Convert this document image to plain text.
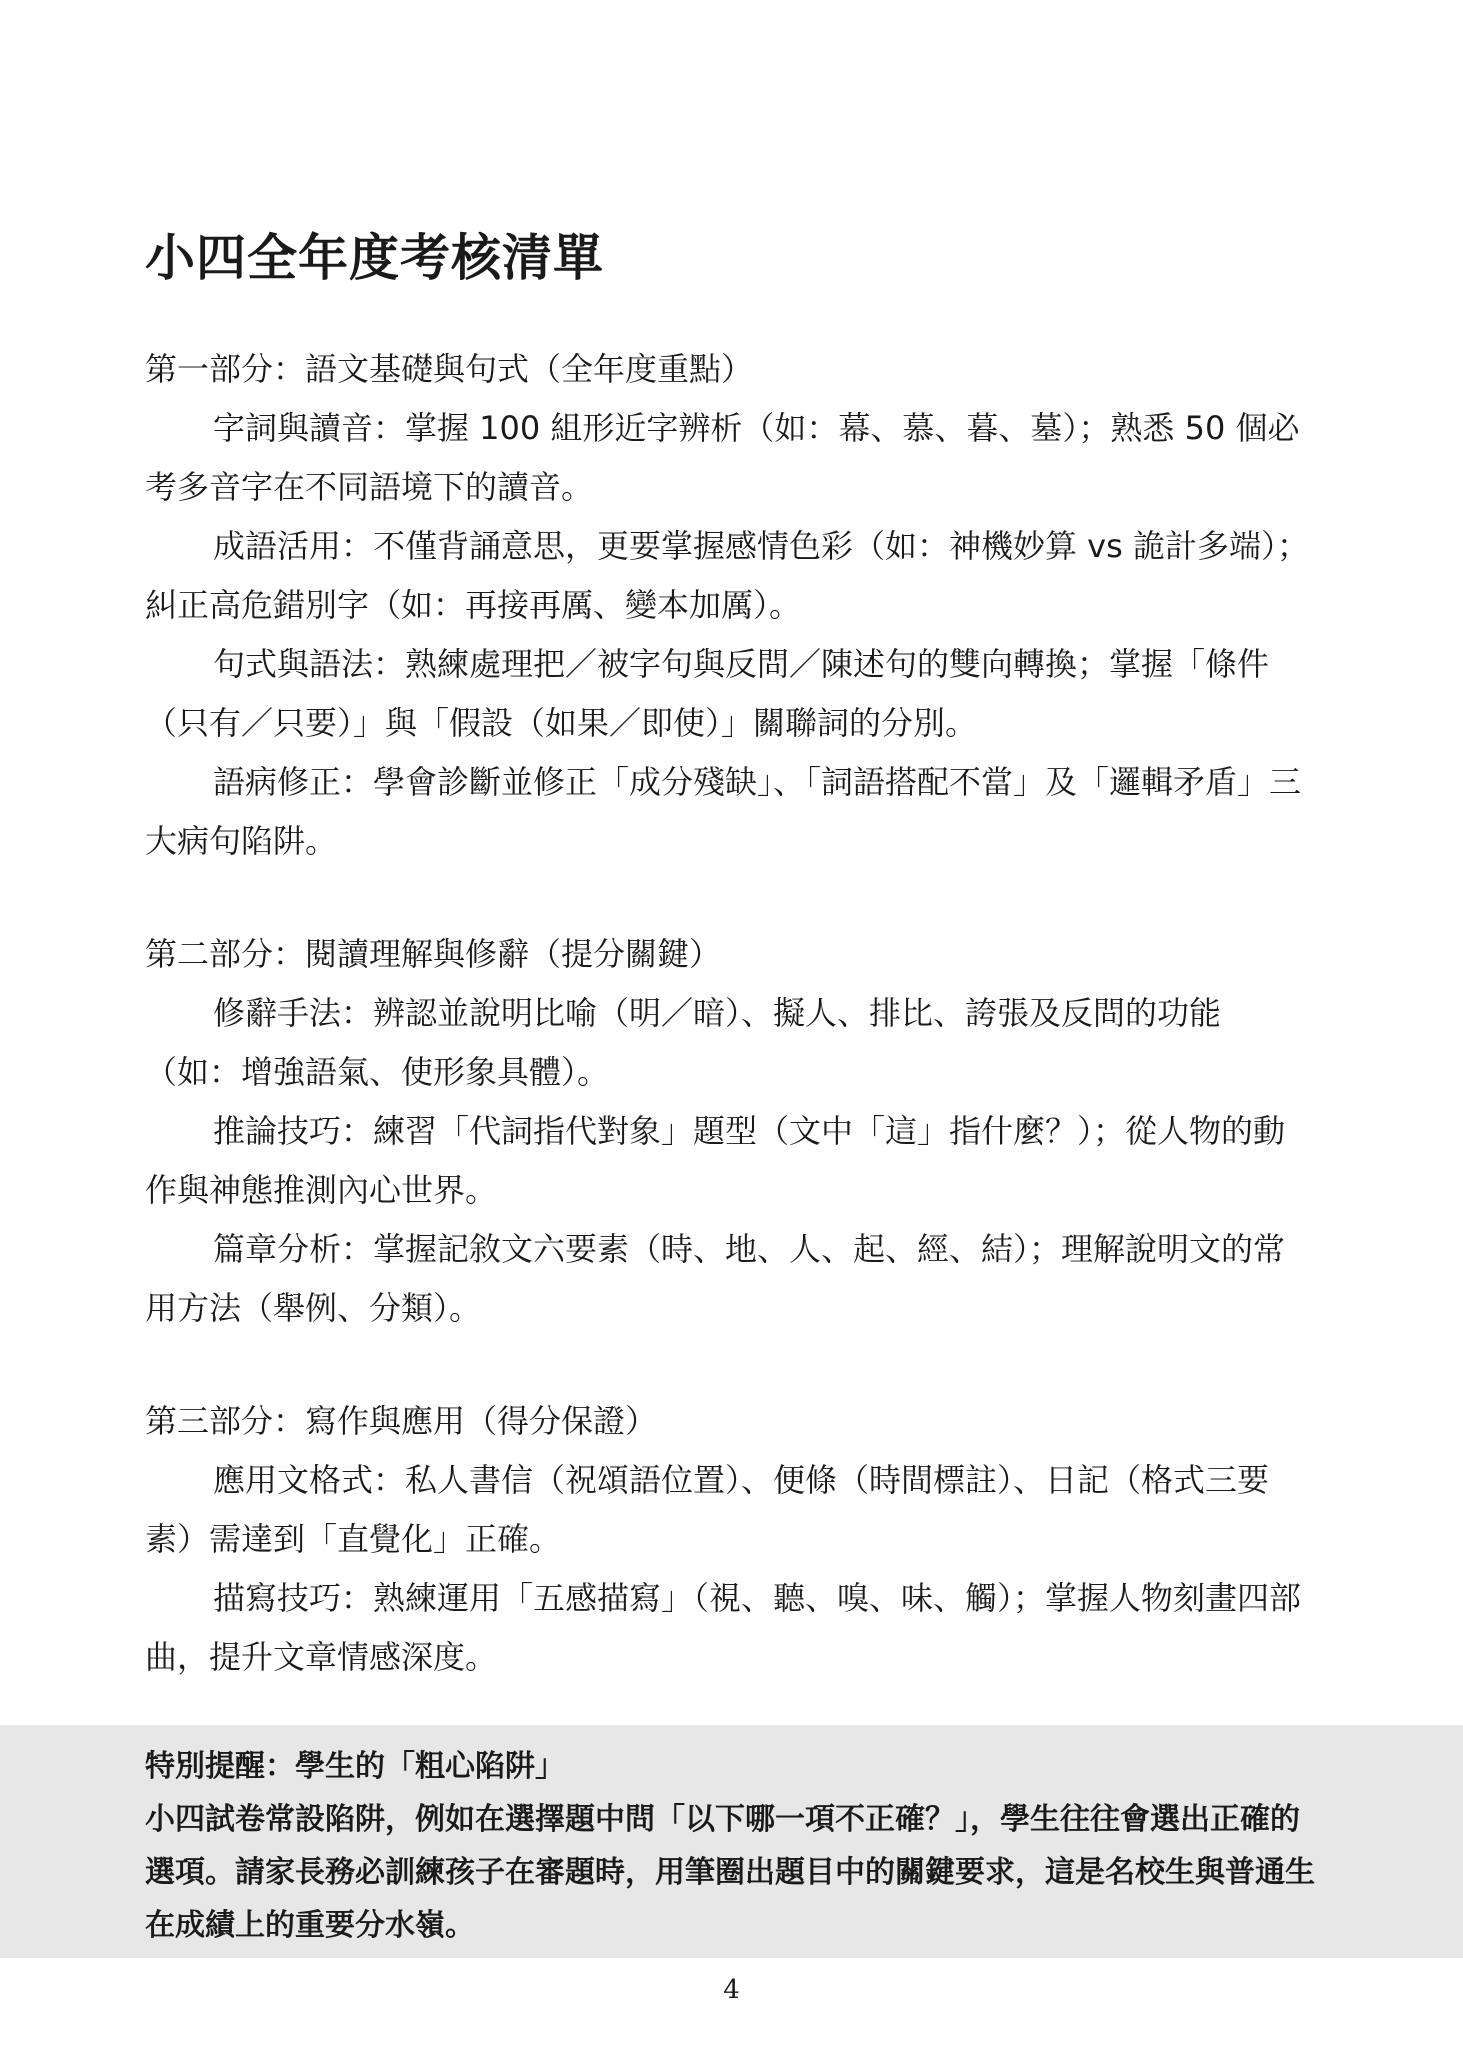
小四全年度考核清單

第一部分：語文基礎與句式（全年度重點）

字詞與讀音：掌握 100 組形近字辨析（如：幕、慕、暮、墓）；熟悉 50 個必考多音字在不同語境下的讀音。

成語活用：不僅背誦意思，更要掌握感情色彩（如：神機妙算 vs 詭計多端）；糾正高危錯別字（如：再接再厲、變本加厲）。

句式與語法：熟練處理把／被字句與反問／陳述句的雙向轉換；掌握「條件（只有／只要）」與「假設（如果／即使）」關聯詞的分別。

語病修正：學會診斷並修正「成分殘缺」、「詞語搭配不當」及「邏輯矛盾」三大病句陷阱。

第二部分：閱讀理解與修辭（提分關鍵）

修辭手法：辨認並說明比喻（明／暗）、擬人、排比、誇張及反問的功能（如：增強語氣、使形象具體）。

推論技巧：練習「代詞指代對象」題型（文中「這」指什麼？）；從人物的動作與神態推測內心世界。

篇章分析：掌握記敘文六要素（時、地、人、起、經、結）；理解說明文的常用方法（舉例、分類）。

第三部分：寫作與應用（得分保證）

應用文格式：私人書信（祝頌語位置）、便條（時間標註）、日記（格式三要素）需達到「直覺化」正確。

描寫技巧：熟練運用「五感描寫」（視、聽、嗅、味、觸）；掌握人物刻畫四部曲，提升文章情感深度。

特別提醒：學生的「粗心陷阱」

小四試卷常設陷阱，例如在選擇題中問「以下哪一項不正確？」，學生往往會選出正確的選項。請家長務必訓練孩子在審題時，用筆圈出題目中的關鍵要求，這是名校生與普通生在成績上的重要分水嶺。

4
